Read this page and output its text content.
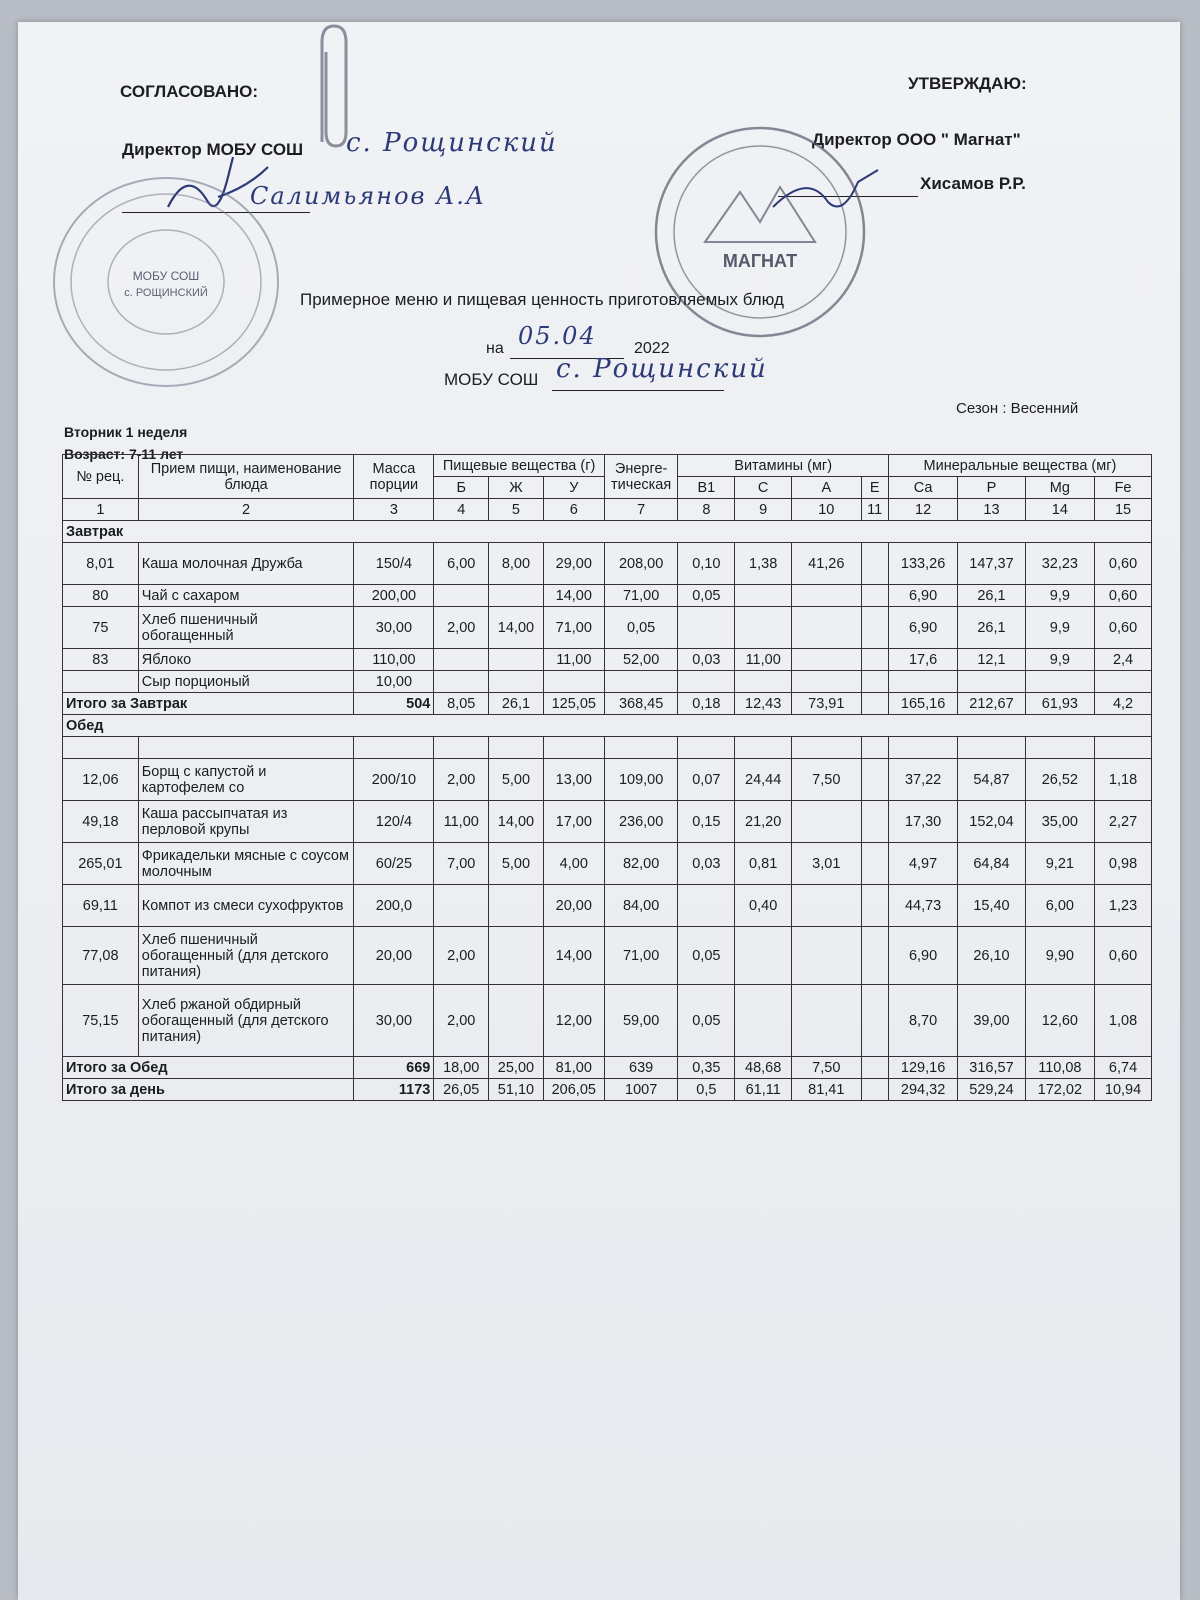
СОГЛАСОВАНО:	УТВЕРЖДАЮ:
Директор МОБУ СОШ с. Рощинский
Салимьянов А.А
МОБУ СОШ
с. РОЩИНСКИЙ
Директор ООО " Магнат"
Хисамов Р.Р.
МАГНАТ
Примерное меню и пищевая ценность приготовляемых блюд
на 05.04 2022
МОБУ СОШ с. Рощинский
Сезон : Весенний
Вторник 1 неделя
Возраст: 7-11 лет
№ рец.	Прием пищи, наименование блюда	Масса порции	Пищевые вещества (г)			Энерге-тическая	Витамины (мг)				Минеральные вещества (мг)			
			Б	Ж	У		В1	С	А	Е	Са	Р	Mg	Fe
1	2	3	4	5	6	7	8	9	10	11	12	13	14	15
Завтрак														
8,01	Каша молочная Дружба	150/4	6,00	8,00	29,00	208,00	0,10	1,38	41,26		133,26	147,37	32,23	0,60
80	Чай с сахаром	200,00			14,00	71,00	0,05				6,90	26,1	9,9	0,60
75	Хлеб пшеничный обогащенный	30,00	2,00	14,00	71,00	0,05					6,90	26,1	9,9	0,60
83	Яблоко	110,00			11,00	52,00	0,03	11,00			17,6	12,1	9,9	2,4
	Сыр порционый	10,00												
Итого за Завтрак		504	8,05	26,1	125,05	368,45	0,18	12,43	73,91		165,16	212,67	61,93	4,2
Обед														

12,06	Борщ с капустой и картофелем со	200/10	2,00	5,00	13,00	109,00	0,07	24,44	7,50		37,22	54,87	26,52	1,18
49,18	Каша рассыпчатая из перловой крупы	120/4	11,00	14,00	17,00	236,00	0,15	21,20			17,30	152,04	35,00	2,27
265,01	Фрикадельки мясные с соусом молочным	60/25	7,00	5,00	4,00	82,00	0,03	0,81	3,01		4,97	64,84	9,21	0,98
69,11	Компот из смеси сухофруктов	200,0			20,00	84,00		0,40			44,73	15,40	6,00	1,23
77,08	Хлеб пшеничный обогащенный (для детского питания)	20,00	2,00		14,00	71,00	0,05				6,90	26,10	9,90	0,60
75,15	Хлеб ржаной обдирный обогащенный (для детского питания)	30,00	2,00		12,00	59,00	0,05				8,70	39,00	12,60	1,08
Итого за Обед		669	18,00	25,00	81,00	639	0,35	48,68	7,50		129,16	316,57	110,08	6,74
Итого за день		1173	26,05	51,10	206,05	1007	0,5	61,11	81,41		294,32	529,24	172,02	10,94
